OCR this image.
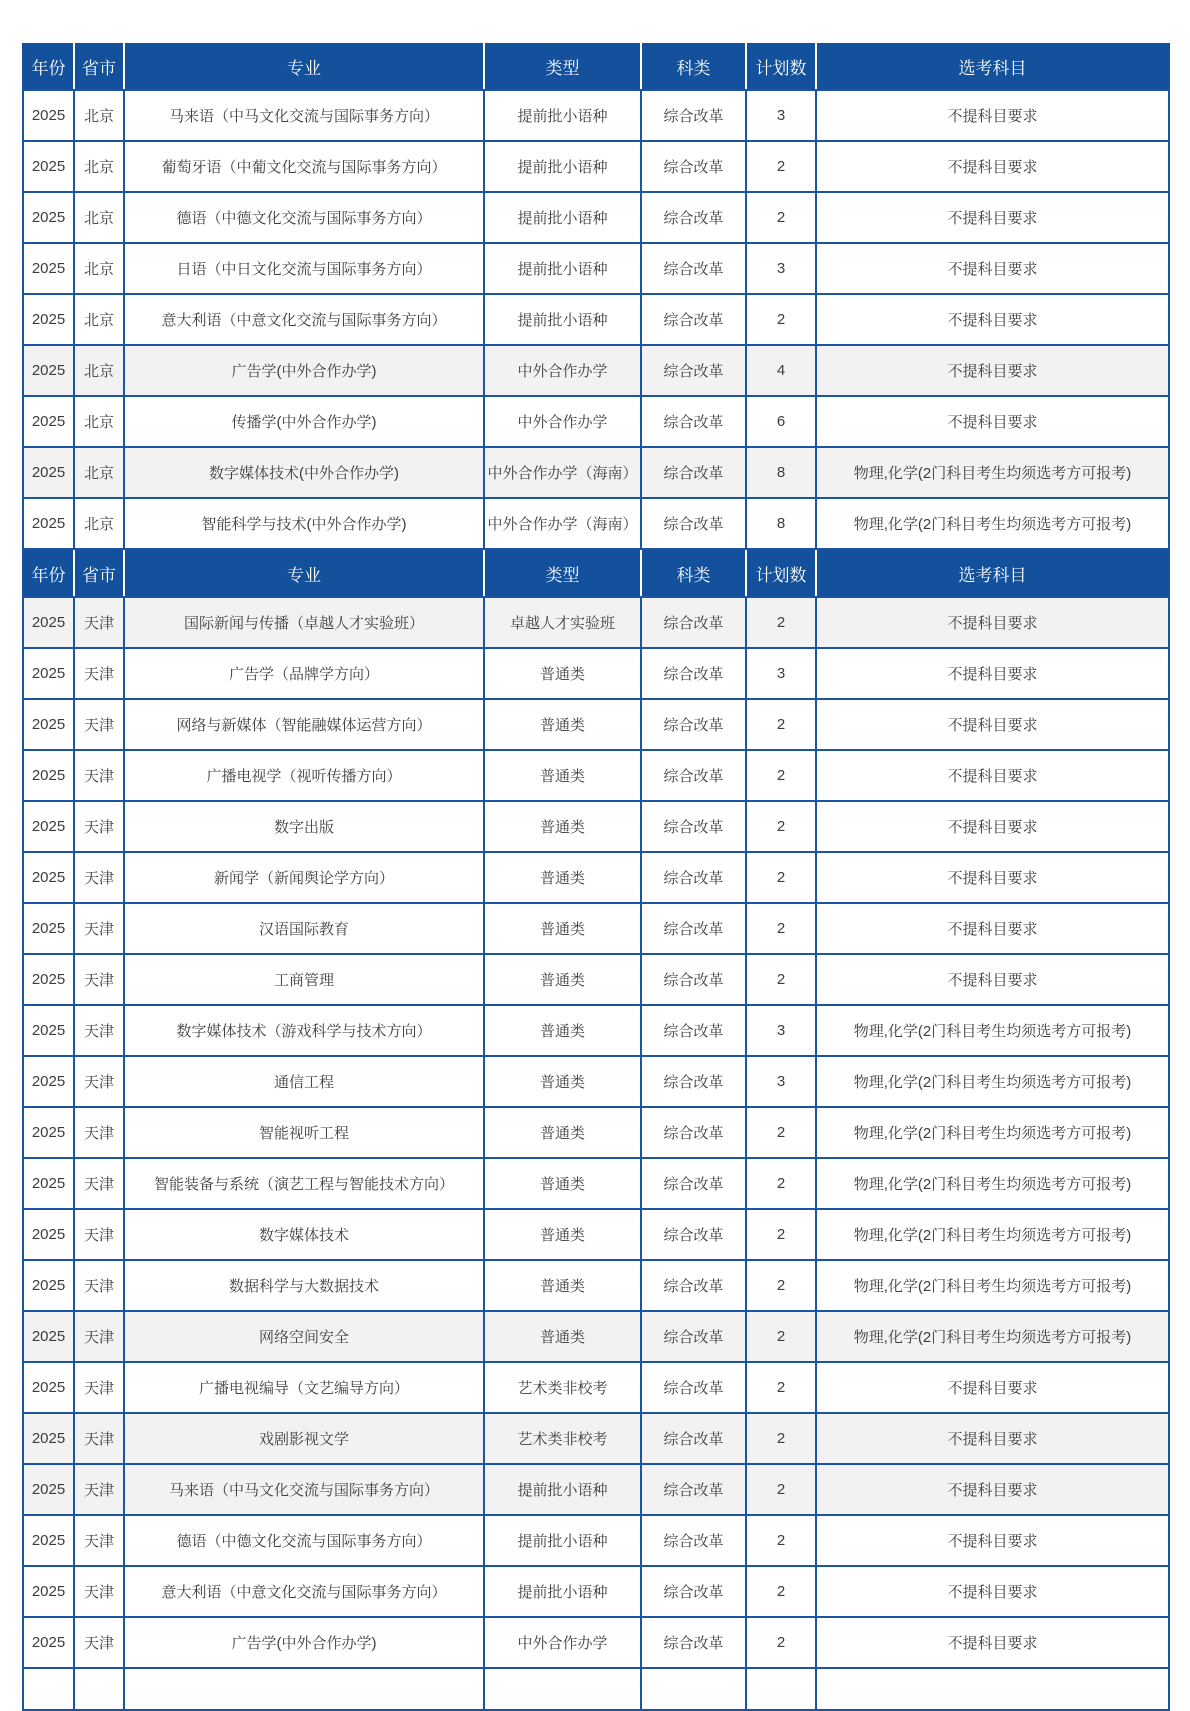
年份	省市	专业	类型	科类	计划数	选考科目
2025	北京	马来语（中马文化交流与国际事务方向）	提前批小语种	综合改革	3	不提科目要求
2025	北京	葡萄牙语（中葡文化交流与国际事务方向）	提前批小语种	综合改革	2	不提科目要求
2025	北京	德语（中德文化交流与国际事务方向）	提前批小语种	综合改革	2	不提科目要求
2025	北京	日语（中日文化交流与国际事务方向）	提前批小语种	综合改革	3	不提科目要求
2025	北京	意大利语（中意文化交流与国际事务方向）	提前批小语种	综合改革	2	不提科目要求
2025	北京	广告学(中外合作办学)	中外合作办学	综合改革	4	不提科目要求
2025	北京	传播学(中外合作办学)	中外合作办学	综合改革	6	不提科目要求
2025	北京	数字媒体技术(中外合作办学)	中外合作办学（海南）	综合改革	8	物理,化学(2门科目考生均须选考方可报考)
2025	北京	智能科学与技术(中外合作办学)	中外合作办学（海南）	综合改革	8	物理,化学(2门科目考生均须选考方可报考)
年份	省市	专业	类型	科类	计划数	选考科目
2025	天津	国际新闻与传播（卓越人才实验班）	卓越人才实验班	综合改革	2	不提科目要求
2025	天津	广告学（品牌学方向）	普通类	综合改革	3	不提科目要求
2025	天津	网络与新媒体（智能融媒体运营方向）	普通类	综合改革	2	不提科目要求
2025	天津	广播电视学（视听传播方向）	普通类	综合改革	2	不提科目要求
2025	天津	数字出版	普通类	综合改革	2	不提科目要求
2025	天津	新闻学（新闻舆论学方向）	普通类	综合改革	2	不提科目要求
2025	天津	汉语国际教育	普通类	综合改革	2	不提科目要求
2025	天津	工商管理	普通类	综合改革	2	不提科目要求
2025	天津	数字媒体技术（游戏科学与技术方向）	普通类	综合改革	3	物理,化学(2门科目考生均须选考方可报考)
2025	天津	通信工程	普通类	综合改革	3	物理,化学(2门科目考生均须选考方可报考)
2025	天津	智能视听工程	普通类	综合改革	2	物理,化学(2门科目考生均须选考方可报考)
2025	天津	智能装备与系统（演艺工程与智能技术方向）	普通类	综合改革	2	物理,化学(2门科目考生均须选考方可报考)
2025	天津	数字媒体技术	普通类	综合改革	2	物理,化学(2门科目考生均须选考方可报考)
2025	天津	数据科学与大数据技术	普通类	综合改革	2	物理,化学(2门科目考生均须选考方可报考)
2025	天津	网络空间安全	普通类	综合改革	2	物理,化学(2门科目考生均须选考方可报考)
2025	天津	广播电视编导（文艺编导方向）	艺术类非校考	综合改革	2	不提科目要求
2025	天津	戏剧影视文学	艺术类非校考	综合改革	2	不提科目要求
2025	天津	马来语（中马文化交流与国际事务方向）	提前批小语种	综合改革	2	不提科目要求
2025	天津	德语（中德文化交流与国际事务方向）	提前批小语种	综合改革	2	不提科目要求
2025	天津	意大利语（中意文化交流与国际事务方向）	提前批小语种	综合改革	2	不提科目要求
2025	天津	广告学(中外合作办学)	中外合作办学	综合改革	2	不提科目要求
